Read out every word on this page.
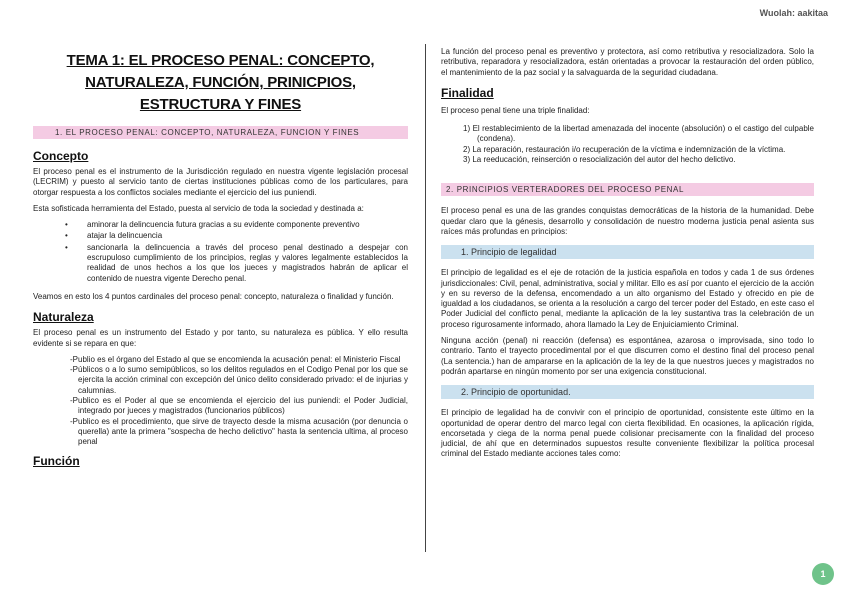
Wuolah: aakitaa
TEMA 1: EL PROCESO PENAL: CONCEPTO, NATURALEZA, FUNCIÓN, PRINICPIOS, ESTRUCTURA Y FINES
1. EL PROCESO PENAL: CONCEPTO, NATURALEZA, FUNCION Y FINES
Concepto

El proceso penal es el instrumento de la Jurisdicción regulado en nuestra vigente legislación procesal (LECRIM) y puesto al servicio tanto de ciertas instituciones públicas como de los particulares, para otorgar respuesta a los conflictos sociales mediante el ejercicio del ius puniendi.

Esta sofisticada herramienta del Estado, puesta al servicio de toda la sociedad y destinada a:

• aminorar la delincuencia futura gracias a su evidente componente preventivo
• atajar la delincuencia
• sancionarla la delincuencia a través del proceso penal destinado a despejar con escrupuloso cumplimiento de los principios, reglas y valores legalmente establecidos la realidad de unos hechos a los que los jueces y magistrados habrán de aplicar el contenido de nuestra vigente Derecho penal.

Veamos en esto los 4 puntos cardinales del proceso penal: concepto, naturaleza o finalidad y función.

Naturaleza

El proceso penal es un instrumento del Estado y por tanto, su naturaleza es pública. Y ello resulta evidente si se repara en que:

-Publio es el órgano del Estado al que se encomienda la acusación penal: el Ministerio Fiscal
-Públicos o a lo sumo semipúblicos, so los delitos regulados en el Codigo Penal por los que se ejercita la acción criminal con excepción del único delito considerado privado: el de injurias y calumnias.
-Publico es el Poder al que se encomienda el ejercicio del ius puniendi: el Poder Judicial, integrado por jueces y magistrados (funcionarios públicos)
-Publico es el procedimiento, que sirve de trayecto desde la misma acusación (por denuncia o querella) ante la primera "sospecha de hecho delictivo" hasta la sentencia ultima, al proceso penal
Función

La función del proceso penal es preventivo y protectora, así como retributiva y resocializadora. Solo la retributiva, reparadora y resocializadora, están orientadas a provocar la restauración del orden público, el mantenimiento de la paz social y la salvaguarda de la seguridad ciudadana.

Finalidad

El proceso penal tiene una triple finalidad:

1) El restablecimiento de la libertad amenazada del inocente (absolución) o el castigo del culpable (condena).
2) La reparación, restauración i/o recuperación de la víctima e indemnización de la víctima.
3) La reeducación, reinserción o resocialización del autor del hecho delictivo.
2. PRINCIPIOS VERTERADORES DEL PROCESO PENAL

El proceso penal es una de las grandes conquistas democráticas de la historia de la humanidad. Debe quedar claro que la génesis, desarrollo y consolidación de nuestro moderna justicia penal asienta sus raíces más profundas en principios:

1. Principio de legalidad

El principio de legalidad es el eje de rotación de la justicia española en todos y cada 1 de sus órdenes jurisdiccionales: Civil, penal, administrativa, social y militar. Ello es así por cuanto el ejercicio de la acción y en su reverso de la defensa, encomendado a un alto organismo del Estado y ofrecido en pie de igualdad a los ciudadanos, se orienta a la resolución a cargo del tercer poder del Estado, en este caso el Poder Judicial del conflicto penal, mediante la aplicación de la ley sustantiva tras la celebración de un proceso rigurosamente informado, ahora llamado la Ley de Enjuiciamiento Criminal.

Ninguna acción (penal) ni reacción (defensa) es espontánea, azarosa o improvisada, sino todo lo contrario. Tanto el trayecto procedimental por el que discurren como el destino final del proceso penal (La sentencia.) han de ampararse en la aplicación de la ley de la que nuestros jueces y magistrados no podrán apartarse en ningún momento por ser una exigencia constitucional.

2. Principio de oportunidad.

El principio de legalidad ha de convivir con el principio de oportunidad, consistente este último en la oportunidad de operar dentro del marco legal con cierta flexibilidad. En ocasiones, la aplicación rígida, encorsetada y ciega de la norma penal puede colisionar precisamente con la finalidad del proceso judicial, de ahí que en determinados supuestos resulte conveniente flexibilizar la política procesal criminal del Estado mediante acciones tales como:

1
